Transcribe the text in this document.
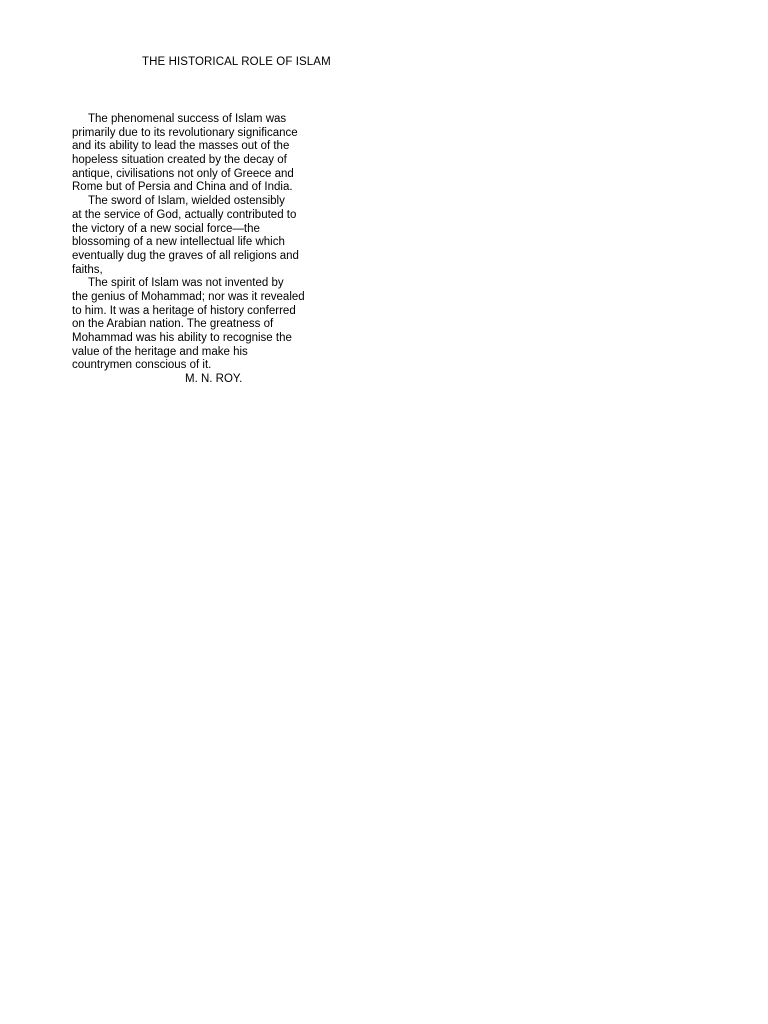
THE HISTORICAL ROLE OF ISLAM
The phenomenal success of Islam was
primarily due to its revolutionary significance
and its ability to lead the masses out of the
hopeless situation created by the decay of
antique, civilisations not only of Greece and
Rome but of Persia and China and of India.
The sword of Islam, wielded ostensibly
at the service of God, actually contributed to
the victory of a new social force—the
blossoming of a new intellectual life which
eventually dug the graves of all religions and
faiths,
The spirit of Islam was not invented by
the genius of Mohammad; nor was it revealed
to him. It was a heritage of history conferred
on the Arabian nation. The greatness of
Mohammad was his ability to recognise the
value of the heritage and make his
countrymen conscious of it.
M. N. ROY.
